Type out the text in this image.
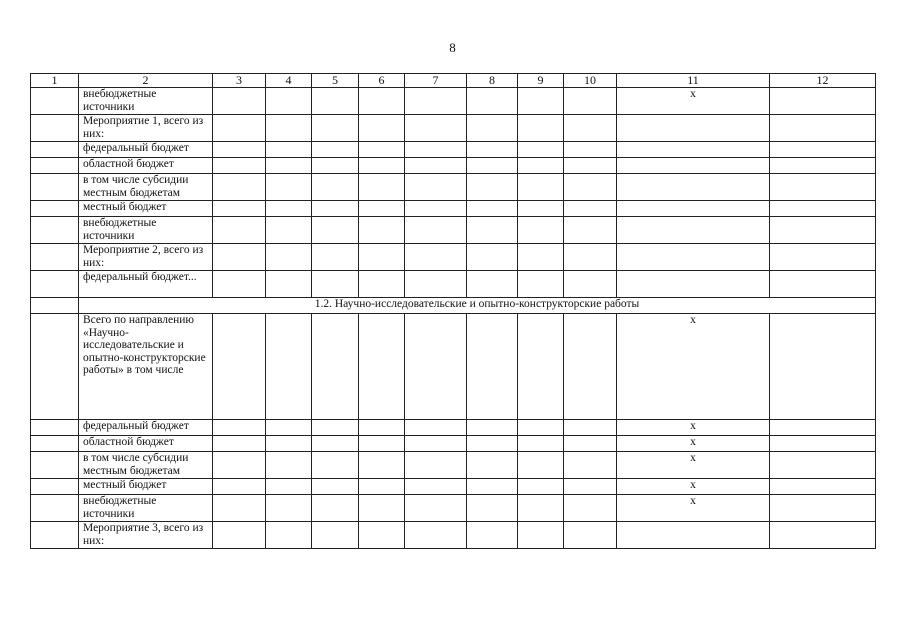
8
1	2	3	4	5	6	7	8	9	10	11	12
	внебюджетные источники									х	
	Мероприятие 1, всего из них:										
	федеральный бюджет										
	областной бюджет										
	в том числе субсидии местным бюджетам										
	местный бюджет										
	внебюджетные источники										
	Мероприятие 2, всего из них:										
	федеральный бюджет...										
	1.2. Научно-исследовательские и опытно-конструкторские работы										
	Всего по направлению «Научно-исследовательские и опытно-конструкторские работы» в том числе									х	
	федеральный бюджет									х	
	областной бюджет									х	
	в том числе субсидии местным бюджетам									х	
	местный бюджет									х	
	внебюджетные источники									х	
	Мероприятие 3, всего из них:										
